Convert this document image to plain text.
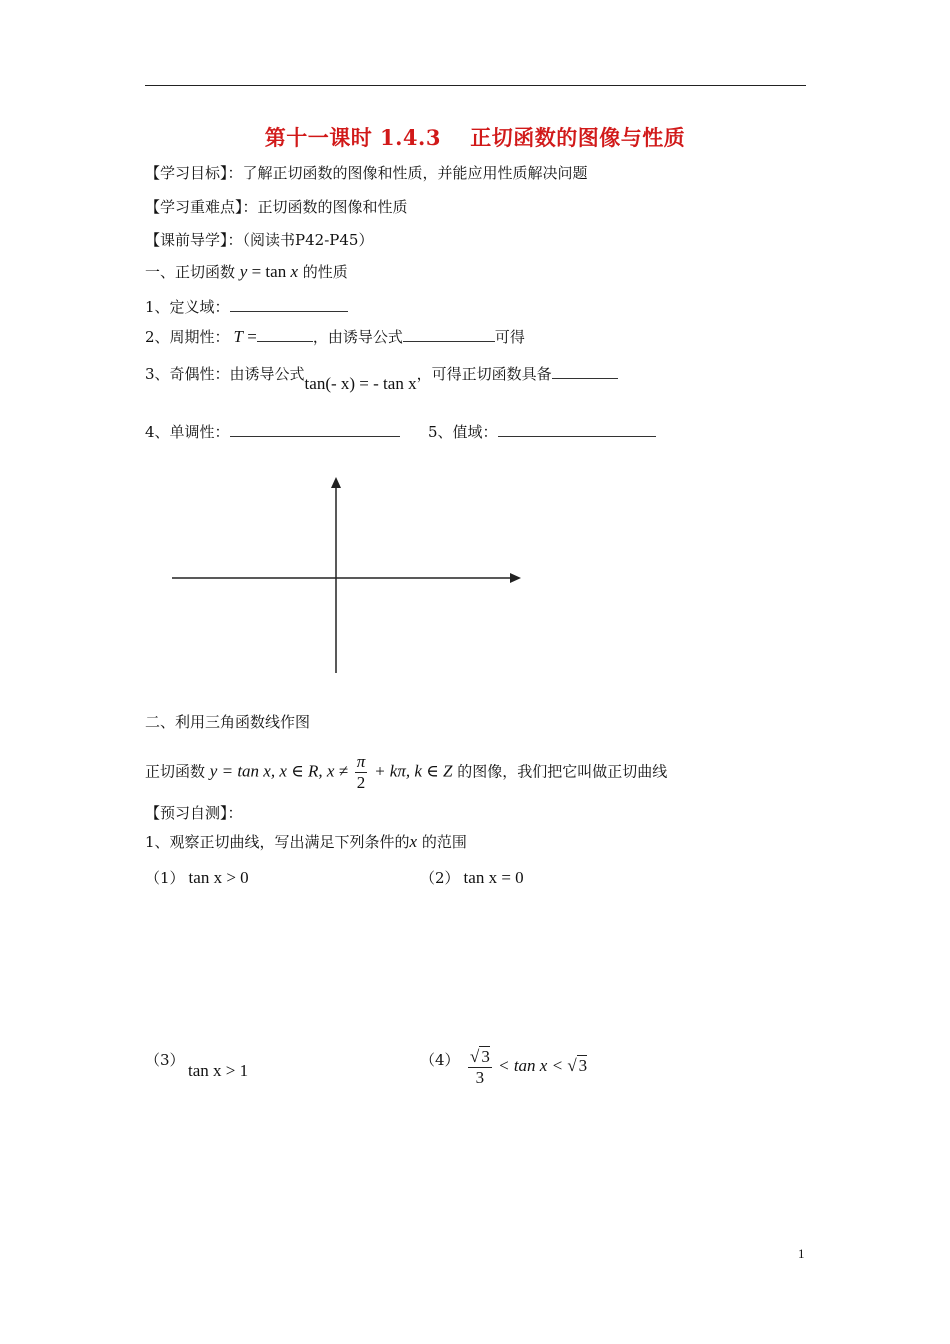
第十一课时 1.4.3　 正切函数的图像与性质
【学习目标】：了解正切函数的图像和性质，并能应用性质解决问题
【学习重难点】：正切函数的图像和性质
【课前导学】：（阅读书P42-P45）
一、正切函数 y = tan x 的性质
1、定义域：
2、周期性： T =	，由诱导公式	可得
3、奇偶性：由诱导公式tan(- x) = - tan x，可得正切函数具备
4、单调性：	5、值域：
二、利用三角函数线作图
正切函数 y = tan x, x ∈ R, $x \ne \frac{\pi}{2} + k\pi$, k ∈ Z 的图像，我们把它叫做正切曲线
【预习自测】：
1、观察正切曲线，写出满足下列条件的x 的范围
（1） tan x > 0	（2） tan x = 0
（3）
tan x > 1
$(4) \frac{√ 3}{3} < \tan x$ < √ 3
1
